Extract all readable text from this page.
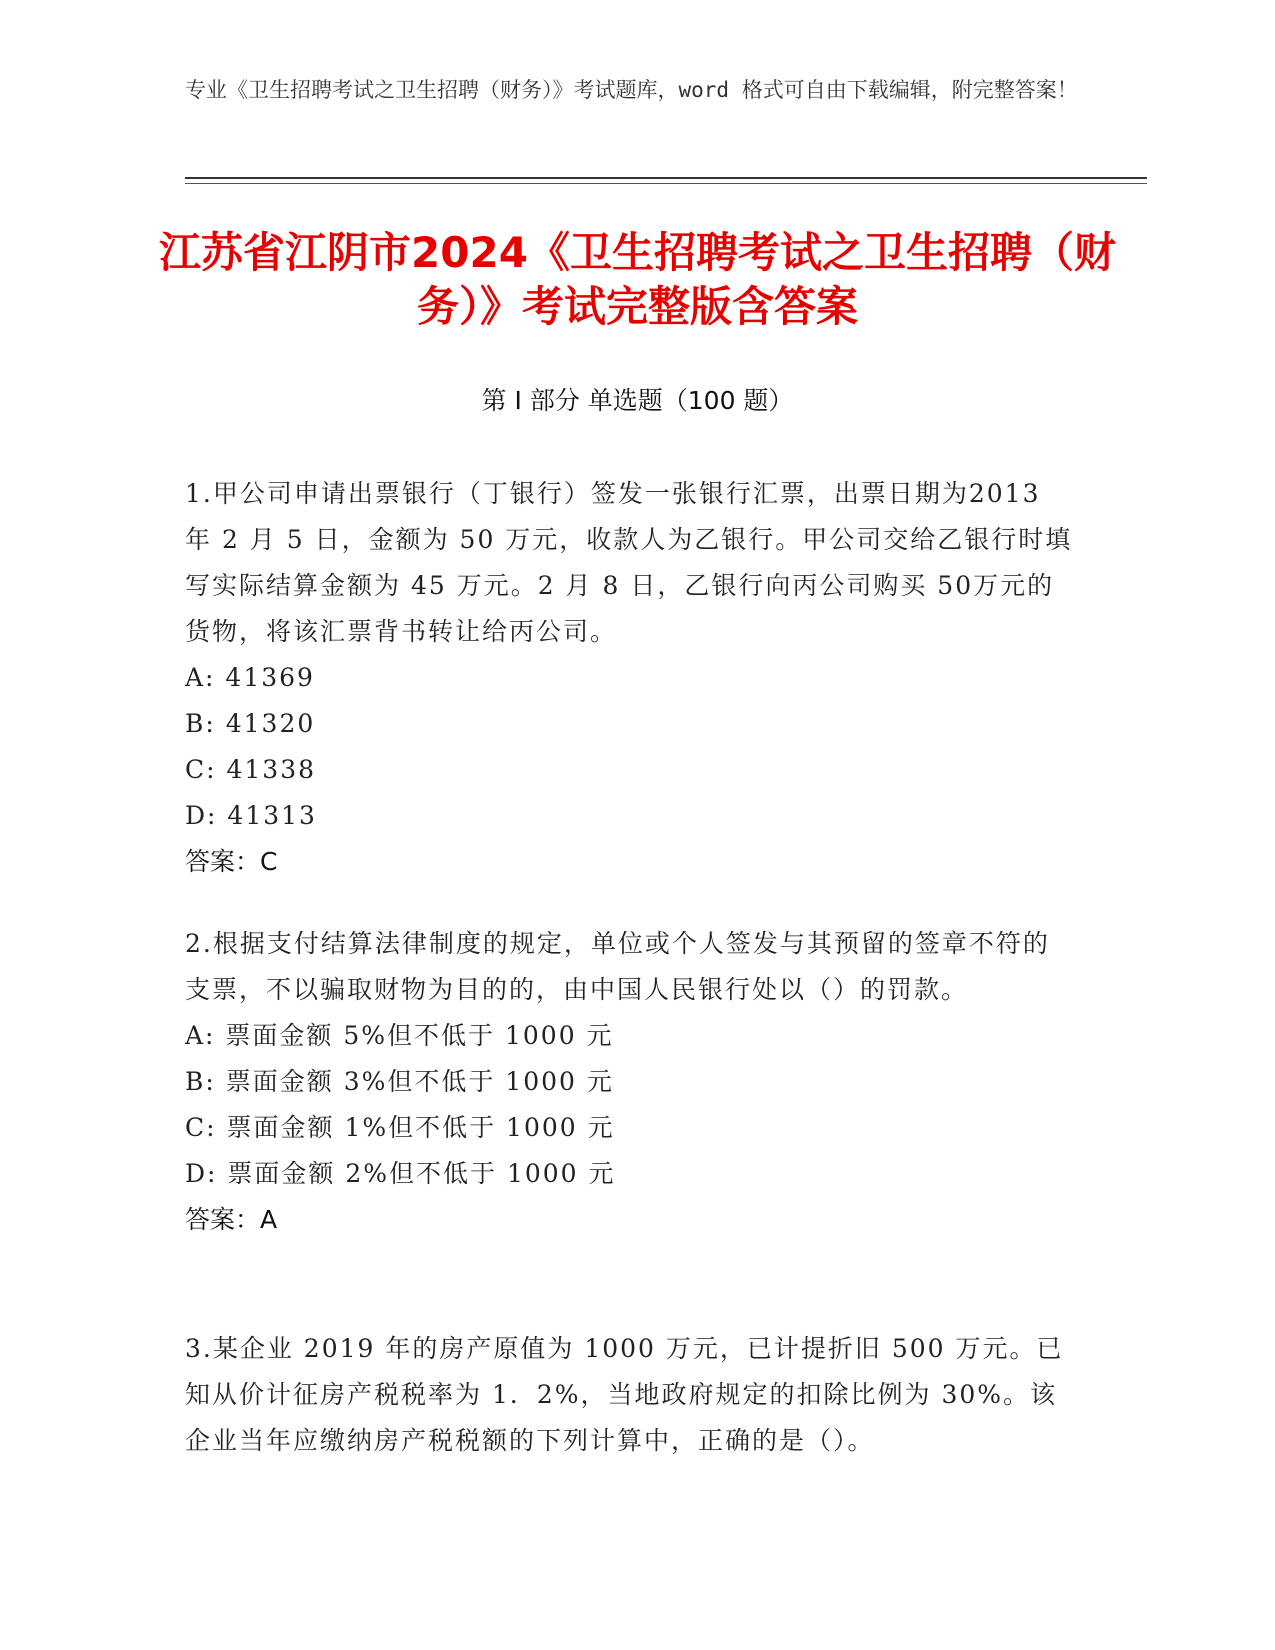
专业《卫生招聘考试之卫生招聘（财务）》考试题库，word 格式可自由下载编辑，附完整答案！
江苏省江阴市2024《卫生招聘考试之卫生招聘（财务）》考试完整版含答案
第 I 部分 单选题（100 题）
1.甲公司申请出票银行（丁银行）签发一张银行汇票，出票日期为2013 年 2 月 5 日，金额为 50 万元，收款人为乙银行。甲公司交给乙银行时填写实际结算金额为 45 万元。2 月 8 日，乙银行向丙公司购买 50万元的货物，将该汇票背书转让给丙公司。
A: 41369
B: 41320
C: 41338
D: 41313
答案：C
2.根据支付结算法律制度的规定，单位或个人签发与其预留的签章不符的支票，不以骗取财物为目的的，由中国人民银行处以（）的罚款。
A: 票面金额 5%但不低于 1000 元
B: 票面金额 3%但不低于 1000 元
C: 票面金额 1%但不低于 1000 元
D: 票面金额 2%但不低于 1000 元
答案：A
3.某企业 2019 年的房产原值为 1000 万元，已计提折旧 500 万元。已知从价计征房产税税率为 1．2%，当地政府规定的扣除比例为 30%。该企业当年应缴纳房产税税额的下列计算中，正确的是（）。
